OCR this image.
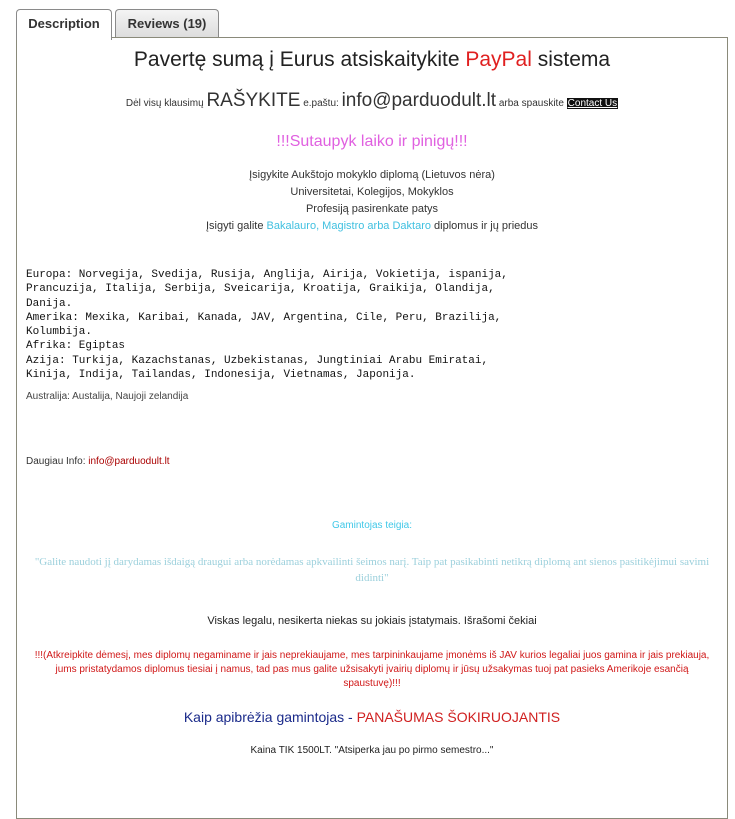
Description	Reviews (19)
Pavertę sumą į Eurus atsiskaitykite PayPal sistema
Dėl visų klausimų RAŠYKITE e.paštu: info@parduodult.lt arba spauskite Contact Us
!!!Sutaupyk laiko ir pinigų!!!
Įsigykite Aukštojo mokyklo diplomą (Lietuvos nėra)
Universitetai, Kolegijos, Mokyklos
Profesiją pasirenkate patys
Įsigyti galite Bakalauro, Magistro arba Daktaro diplomus ir jų priedus
Europa: Norvegija, Svedija, Rusija, Anglija, Airija, Vokietija, ispanija,
Prancuzija, Italija, Serbija, Sveicarija, Kroatija, Graikija, Olandija,
Danija.
Amerika: Mexika, Karibai, Kanada, JAV, Argentina, Cile, Peru, Brazilija,
Kolumbija.
Afrika: Egiptas
Azija: Turkija, Kazachstanas, Uzbekistanas, Jungtiniai Arabu Emiratai,
Kinija, Indija, Tailandas, Indonesija, Vietnamas, Japonija.
Australija: Austalija, Naujoji zelandija
Daugiau Info: info@parduodult.lt
Gamintojas teigia:
"Galite naudoti jį darydamas išdaigą draugui arba norėdamas apkvailinti šeimos narį. Taip pat pasikabinti netikrą diplomą ant sienos pasitikėjimui savimi didinti"
Viskas legalu, nesikerta niekas su jokiais įstatymais. Išrašomi čekiai
!!!(Atkreipkite dėmesį, mes diplomų negaminame ir jais neprekiaujame, mes tarpininkaujame įmonėms iš JAV kurios legaliai juos gamina ir jais prekiauja, jums pristatydamos diplomus tiesiai į namus, tad pas mus galite užsisakyti įvairių diplomų ir jūsų užsakymas tuoj pat pasieks Amerikoje esančią spaustuvę)!!!
Kaip apibrėžia gamintojas - PANAŠUMAS ŠOKIRUOJANTIS
Kaina TIK 1500LT. "Atsiperka jau po pirmo semestro..."
